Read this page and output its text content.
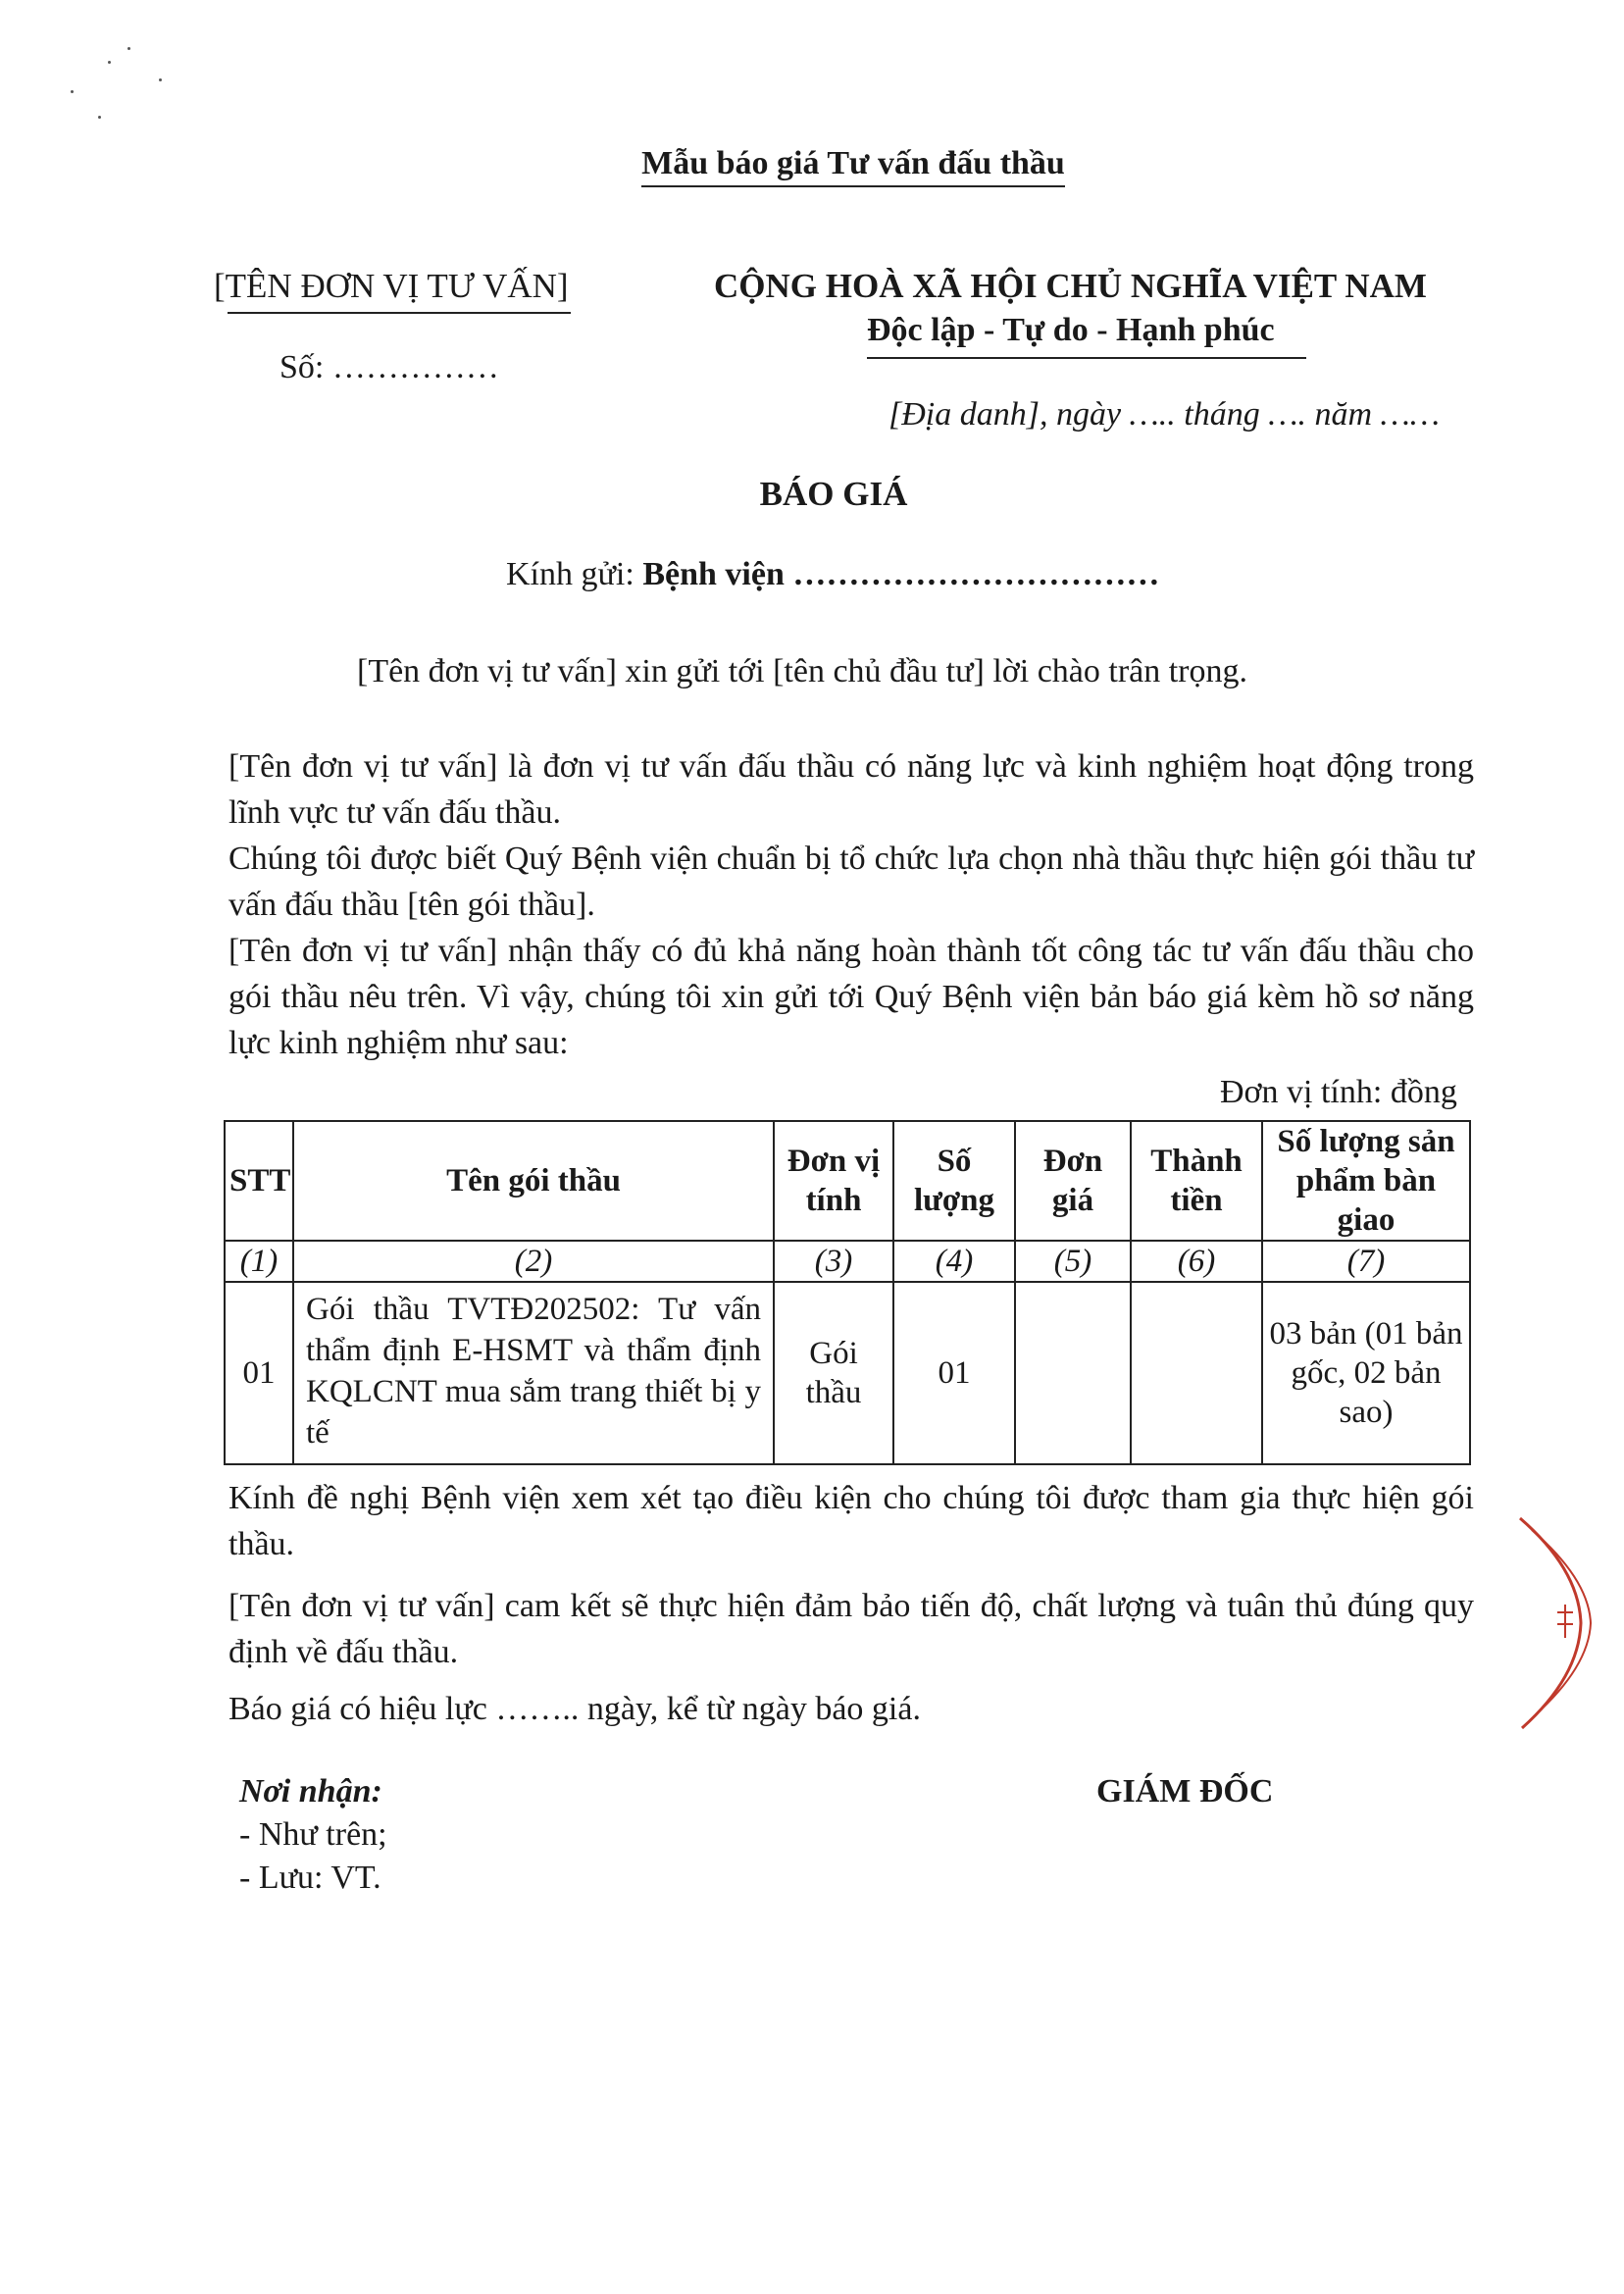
Mẫu báo giá Tư vấn đấu thầu
[TÊN ĐƠN VỊ TƯ VẤN]
Số: ……………
CỘNG HOÀ XÃ HỘI CHỦ NGHĨA VIỆT NAM
Độc lập - Tự do - Hạnh phúc
[Địa danh], ngày ….. tháng …. năm ……
BÁO GIÁ
Kính gửi: Bệnh viện ……………………………
[Tên đơn vị tư vấn] xin gửi tới [tên chủ đầu tư] lời chào trân trọng.
[Tên đơn vị tư vấn] là đơn vị tư vấn đấu thầu có năng lực và kinh nghiệm hoạt động trong lĩnh vực tư vấn đấu thầu.
Chúng tôi được biết Quý Bệnh viện chuẩn bị tổ chức lựa chọn nhà thầu thực hiện gói thầu tư vấn đấu thầu [tên gói thầu].
[Tên đơn vị tư vấn] nhận thấy có đủ khả năng hoàn thành tốt công tác tư vấn đấu thầu cho gói thầu nêu trên. Vì vậy, chúng tôi xin gửi tới Quý Bệnh viện bản báo giá kèm hồ sơ năng lực kinh nghiệm như sau:
Đơn vị tính: đồng
STT	Tên gói thầu	Đơn vị tính	Số lượng	Đơn giá	Thành tiền	Số lượng sản phẩm bàn giao
(1)	(2)	(3)	(4)	(5)	(6)	(7)
01	Gói thầu TVTĐ202502: Tư vấn thẩm định E-HSMT và thẩm định KQLCNT mua sắm trang thiết bị y tế	Gói thầu	01			03 bản (01 bản gốc, 02 bản sao)
Kính đề nghị Bệnh viện xem xét tạo điều kiện cho chúng tôi được tham gia thực hiện gói thầu.
[Tên đơn vị tư vấn] cam kết sẽ thực hiện đảm bảo tiến độ, chất lượng và tuân thủ đúng quy định về đấu thầu.
Báo giá có hiệu lực …….. ngày, kể từ ngày báo giá.
Nơi nhận:
- Như trên;
- Lưu: VT.
GIÁM ĐỐC
